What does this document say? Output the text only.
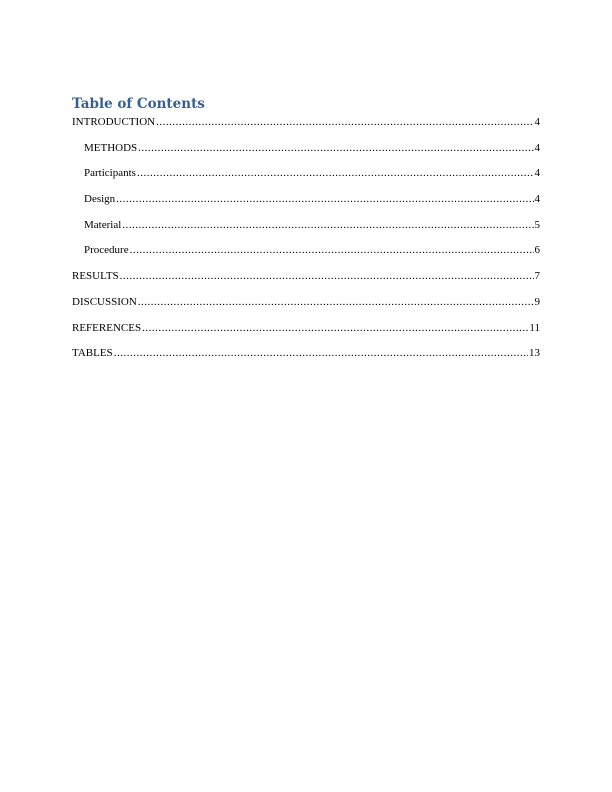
Table of Contents
INTRODUCTION .....	4
METHODS .....	4
Participants .....	4
Design .....	4
Material .....	5
Procedure .....	6
RESULTS .....	7
DISCUSSION .....	9
REFERENCES .....	11
TABLES .....	13
